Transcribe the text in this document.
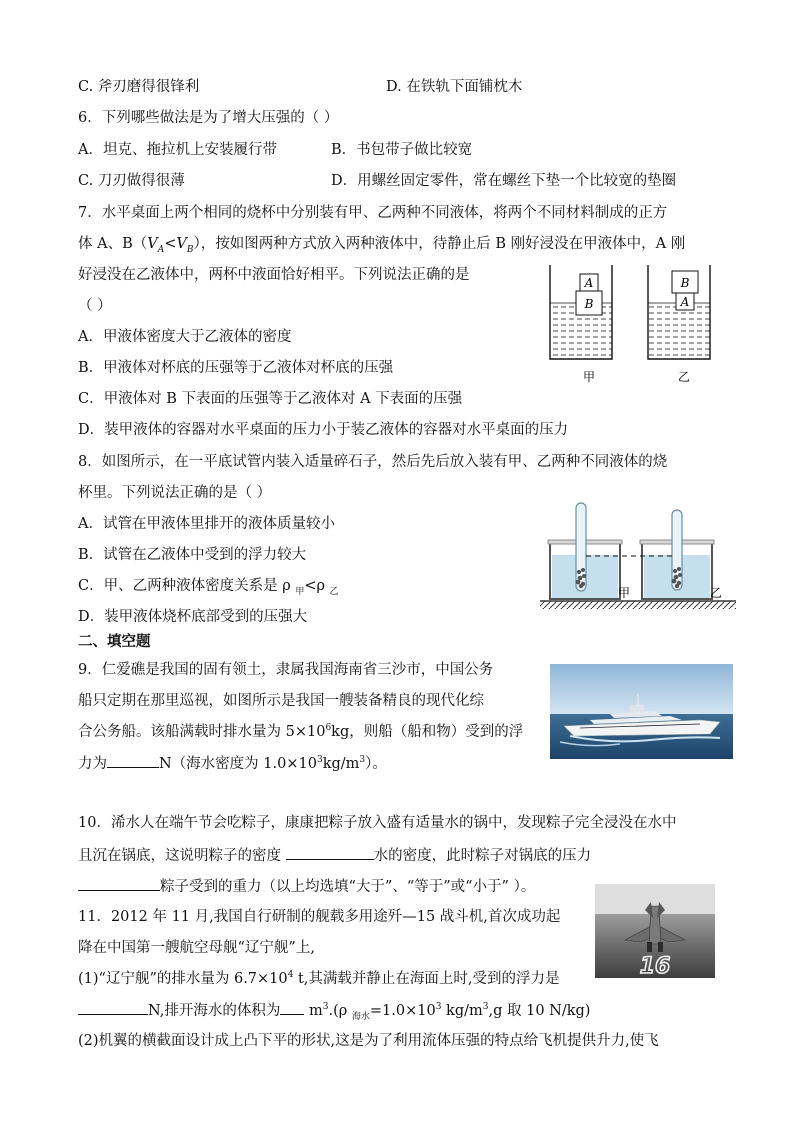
C. 斧刃磨得很锋利	D. 在铁轨下面铺枕木
6．下列哪些做法是为了增大压强的（ ）
A．坦克、拖拉机上安装履行带	B．书包带子做比较宽
C. 刀刃做得很薄	D．用螺丝固定零件，常在螺丝下垫一个比较宽的垫圈
7．水平桌面上两个相同的烧杯中分别装有甲、乙两种不同液体，将两个不同材料制成的正方
体 A、$B(V_A<V_B)$，按如图两种方式放入两种液体中，待静止后 B 刚好浸没在甲液体中，A 刚
好浸没在乙液体中，两杯中液面恰好相平。下列说法正确的是
（ ）
A．甲液体密度大于乙液体的密度
B．甲液体对杯底的压强等于乙液体对杯底的压强
C．甲液体对 B 下表面的压强等于乙液体对 A 下表面的压强
D．装甲液体的容器对水平桌面的压力小于装乙液体的容器对水平桌面的压力
A
B
B
A
甲	乙
8．如图所示，在一平底试管内装入适量碎石子，然后先后放入装有甲、乙两种不同液体的烧
杯里。下列说法正确的是（ ）
A．试管在甲液体里排开的液体质量较小
B．试管在乙液体中受到的浮力较大
C．甲、乙两种液体密度关系是 ρ $_甲$<ρ $_乙$
D．装甲液体烧杯底部受到的压强大
甲	乙
二、填空题
9．仁爱礁是我国的固有领土，隶属我国海南省三沙市，中国公务
船只定期在那里巡视，如图所示是我国一艘装备精良的现代化综
合公务船。该船满载时排水量为 $5\times 10^6kg$，则船（船和物）受到的浮
力为	N（海水密度为 $1.0\times 10^3kg/m^3$）。
10．浠水人在端午节会吃粽子，康康把粽子放入盛有适量水的锅中，发现粽子完全浸没在水中
且沉在锅底，这说明粽子的密度	水的密度，此时粽子对锅底的压力
粽子受到的重力（以上均选填“大于”、“等于”或“小于” ）。
11．2012 年 11 月,我国自行研制的舰载多用途歼—15 战斗机,首次成功起
降在中国第一艘航空母舰“辽宁舰”上,
(1)“辽宁舰”的排水量为 $6.7\times 10^4$ t,其满载并静止在海面上时,受到的浮力是
N,排开海水的体积为 $m^3.(\rho$ $_{海水}=1.0\times 10^3$ $kg/m^3,g$ 取 10 N/kg)
(2)机翼的横截面设计成上凸下平的形状,这是为了利用流体压强的特点给飞机提供升力,使飞
16
